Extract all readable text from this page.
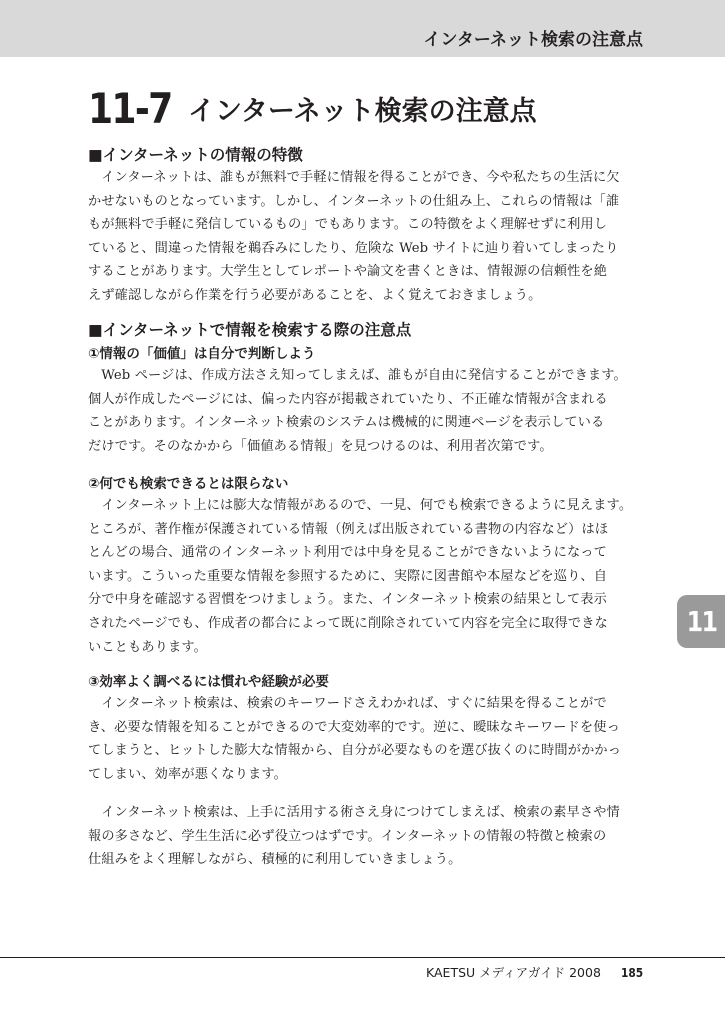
インターネット検索の注意点
11-7 インターネット検索の注意点
■インターネットの情報の特徴
インターネットは、誰もが無料で手軽に情報を得ることができ、今や私たちの生活に欠
かせないものとなっています。しかし、インターネットの仕組み上、これらの情報は「誰
もが無料で手軽に発信しているもの」でもあります。この特徴をよく理解せずに利用し
ていると、間違った情報を鵜呑みにしたり、危険な Web サイトに辿り着いてしまったり
することがあります。大学生としてレポートや論文を書くときは、情報源の信頼性を絶
えず確認しながら作業を行う必要があることを、よく覚えておきましょう。
■インターネットで情報を検索する際の注意点
①情報の「価値」は自分で判断しよう
Web ページは、作成方法さえ知ってしまえば、誰もが自由に発信することができます。
個人が作成したページには、偏った内容が掲載されていたり、不正確な情報が含まれる
ことがあります。インターネット検索のシステムは機械的に関連ページを表示している
だけです。そのなかから「価値ある情報」を見つけるのは、利用者次第です。
②何でも検索できるとは限らない
インターネット上には膨大な情報があるので、一見、何でも検索できるように見えます。
ところが、著作権が保護されている情報（例えば出版されている書物の内容など）はほ
とんどの場合、通常のインターネット利用では中身を見ることができないようになって
います。こういった重要な情報を参照するために、実際に図書館や本屋などを巡り、自
分で中身を確認する習慣をつけましょう。また、インターネット検索の結果として表示
されたページでも、作成者の都合によって既に削除されていて内容を完全に取得できな
いこともあります。
③効率よく調べるには慣れや経験が必要
インターネット検索は、検索のキーワードさえわかれば、すぐに結果を得ることがで
き、必要な情報を知ることができるので大変効率的です。逆に、曖昧なキーワードを使っ
てしまうと、ヒットした膨大な情報から、自分が必要なものを選び抜くのに時間がかかっ
てしまい、効率が悪くなります。
インターネット検索は、上手に活用する術さえ身につけてしまえば、検索の素早さや情
報の多さなど、学生生活に必ず役立つはずです。インターネットの情報の特徴と検索の
仕組みをよく理解しながら、積極的に利用していきましょう。
11
KAETSU メディアガイド 2008 185
